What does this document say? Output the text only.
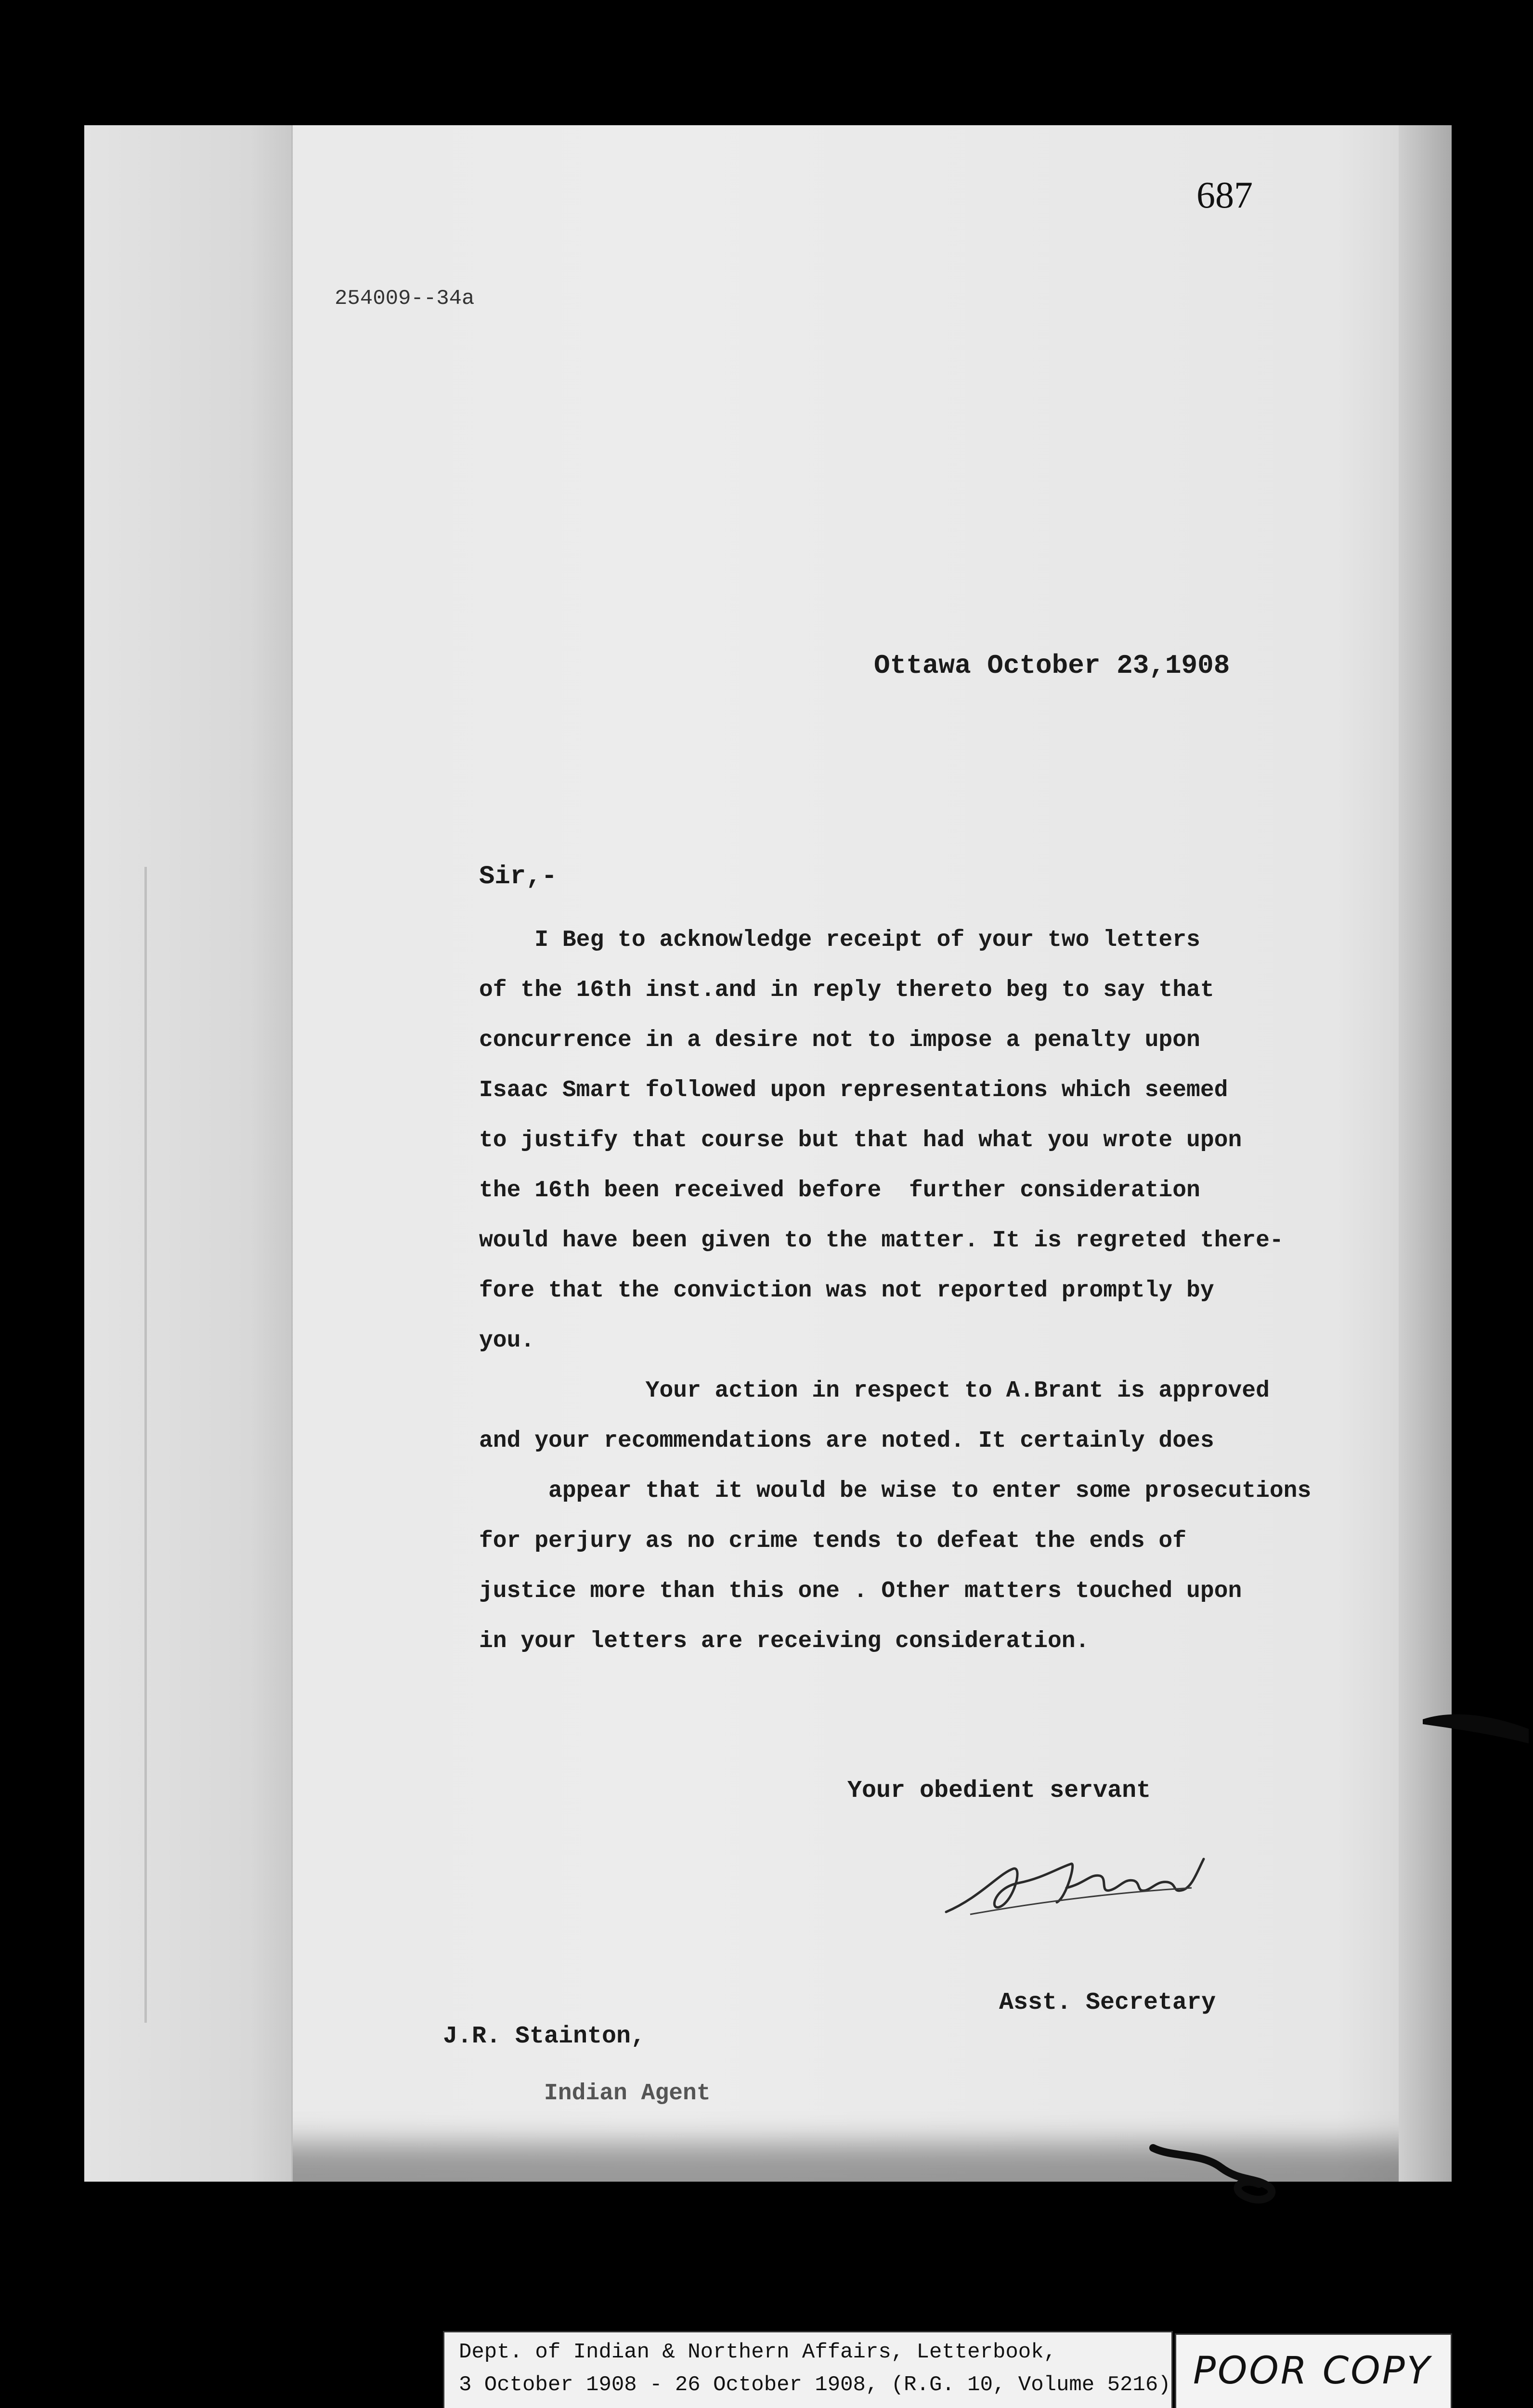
687
254009--34a
Ottawa October 23,1908
Sir,-
I Beg to acknowledge receipt of your two letters
of the 16th inst.and in reply thereto beg to say that
concurrence in a desire not to impose a penalty upon
Isaac Smart followed upon representations which seemed
to justify that course but that had what you wrote upon
the 16th been received before  further consideration
would have been given to the matter. It is regreted there-
fore that the conviction was not reported promptly by
you.
Your action in respect to A.Brant is approved
and your recommendations are noted. It certainly does
appear that it would be wise to enter some prosecutions
for perjury as no crime tends to defeat the ends of
justice more than this one . Other matters touched upon
in your letters are receiving consideration.
Your obedient servant
Asst. Secretary
J.R. Stainton,
Indian Agent
Dept. of Indian & Northern Affairs, Letterbook,
3 October 1908 - 26 October 1908, (R.G. 10, Volume 5216) POOR COPY
